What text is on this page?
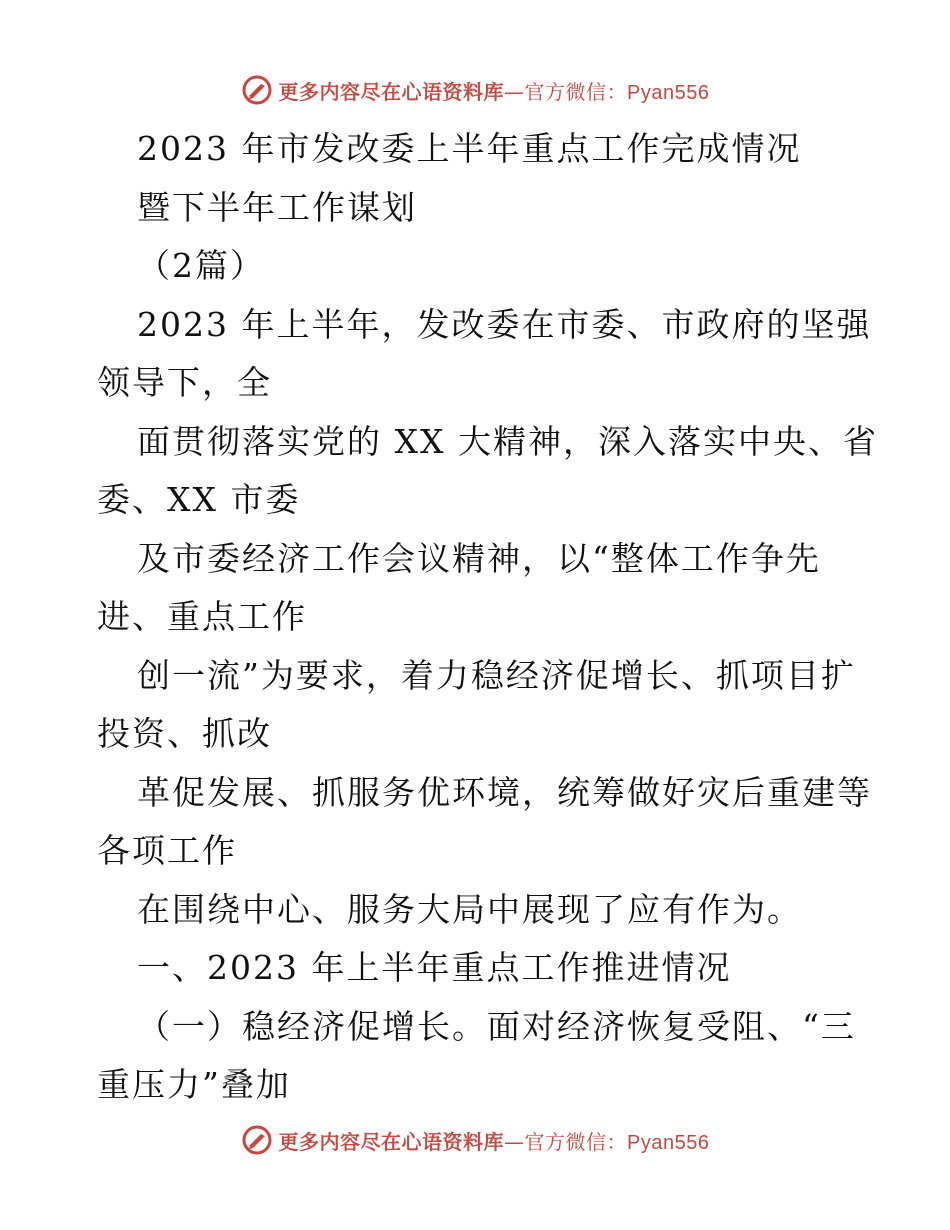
更多内容尽在心语资料库—官方微信：Pyan556
2023 年市发改委上半年重点工作完成情况
暨下半年工作谋划
（2篇）
2023 年上半年，发改委在市委、市政府的坚强
领导下，全
面贯彻落实党的 XX 大精神，深入落实中央、省
委、XX 市委
及市委经济工作会议精神，以“整体工作争先
进、重点工作
创一流”为要求，着力稳经济促增长、抓项目扩
投资、抓改
革促发展、抓服务优环境，统筹做好灾后重建等
各项工作
在围绕中心、服务大局中展现了应有作为。
一、2023 年上半年重点工作推进情况
（一）稳经济促增长。面对经济恢复受阻、“三
重压力”叠加
更多内容尽在心语资料库—官方微信：Pyan556
